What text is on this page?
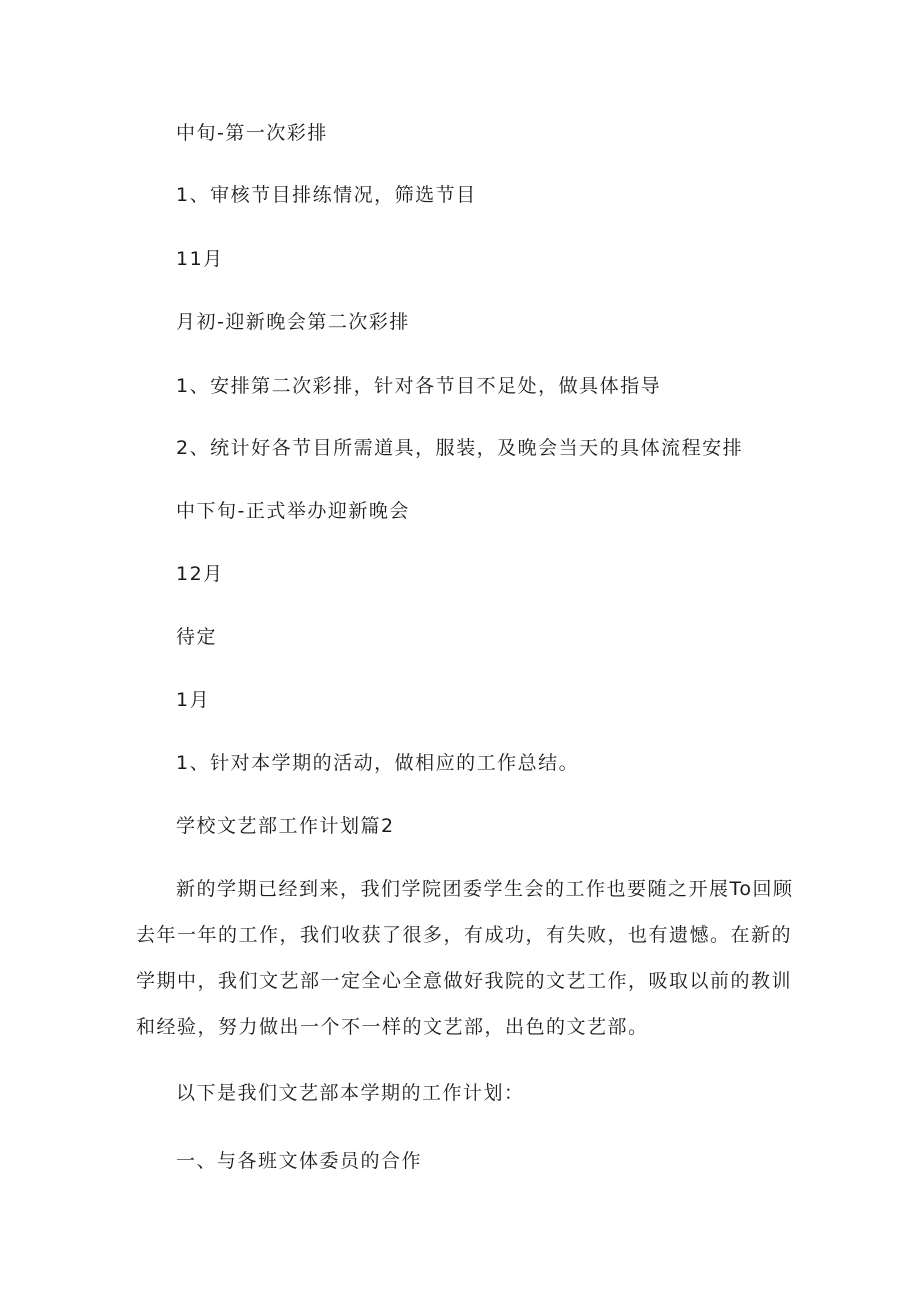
中旬-第一次彩排
1、审核节目排练情况，筛选节目
11月
月初-迎新晚会第二次彩排
1、安排第二次彩排，针对各节目不足处，做具体指导
2、统计好各节目所需道具，服装，及晚会当天的具体流程安排
中下旬-正式举办迎新晚会
12月
待定
1月
1、针对本学期的活动，做相应的工作总结。
学校文艺部工作计划篇2
新的学期已经到来，我们学院团委学生会的工作也要随之开展To回顾
去年一年的工作，我们收获了很多，有成功，有失败，也有遗憾。在新的
学期中，我们文艺部一定全心全意做好我院的文艺工作，吸取以前的教训
和经验，努力做出一个不一样的文艺部，出色的文艺部。
以下是我们文艺部本学期的工作计划：
一、与各班文体委员的合作
